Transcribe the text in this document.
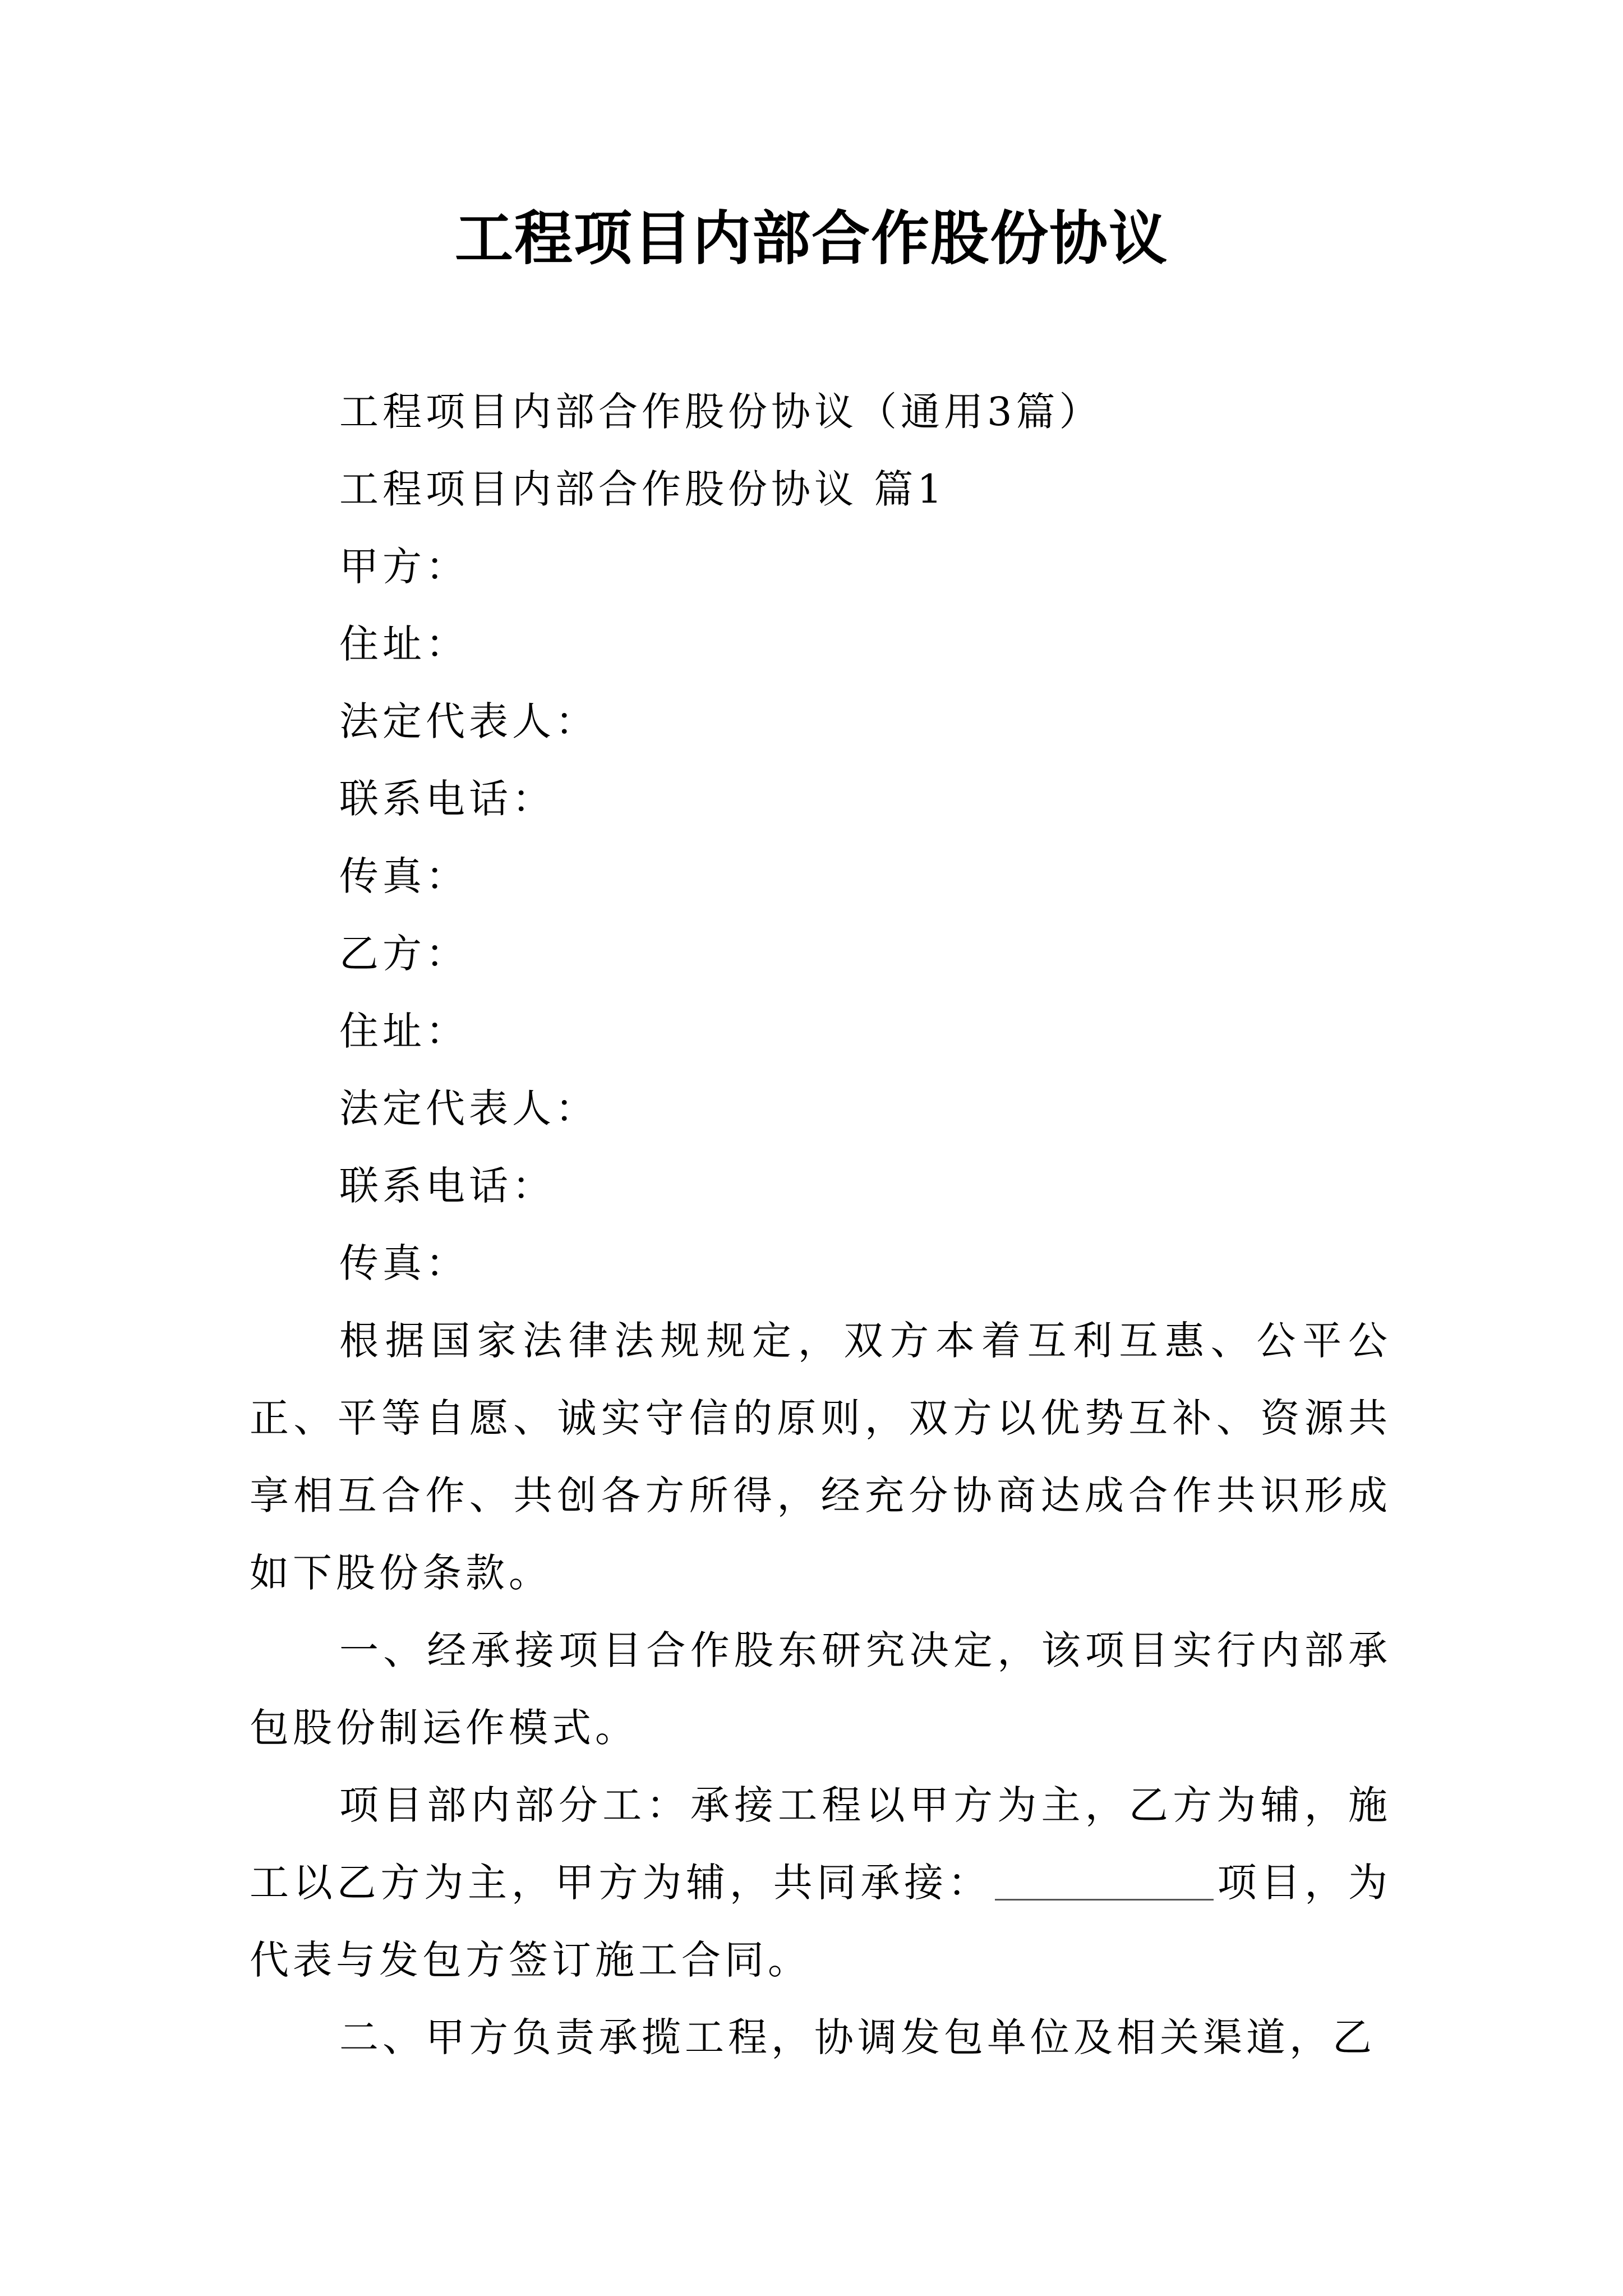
工程项目内部合作股份协议

工程项目内部合作股份协议（通用3篇）

工程项目内部合作股份协议 篇1

甲方：

住址：

法定代表人：

联系电话：

传真：

乙方：

住址：

法定代表人：

联系电话：

传真：

根据国家法律法规规定，双方本着互利互惠、公平公正、平等自愿、诚实守信的原则，双方以优势互补、资源共享相互合作、共创各方所得，经充分协商达成合作共识形成如下股份条款。

一、经承接项目合作股东研究决定，该项目实行内部承包股份制运作模式。

项目部内部分工：承接工程以甲方为主，乙方为辅，施工以乙方为主，甲方为辅，共同承接：	项目，为代表与发包方签订施工合同。

二、甲方负责承揽工程，协调发包单位及相关渠道，乙
